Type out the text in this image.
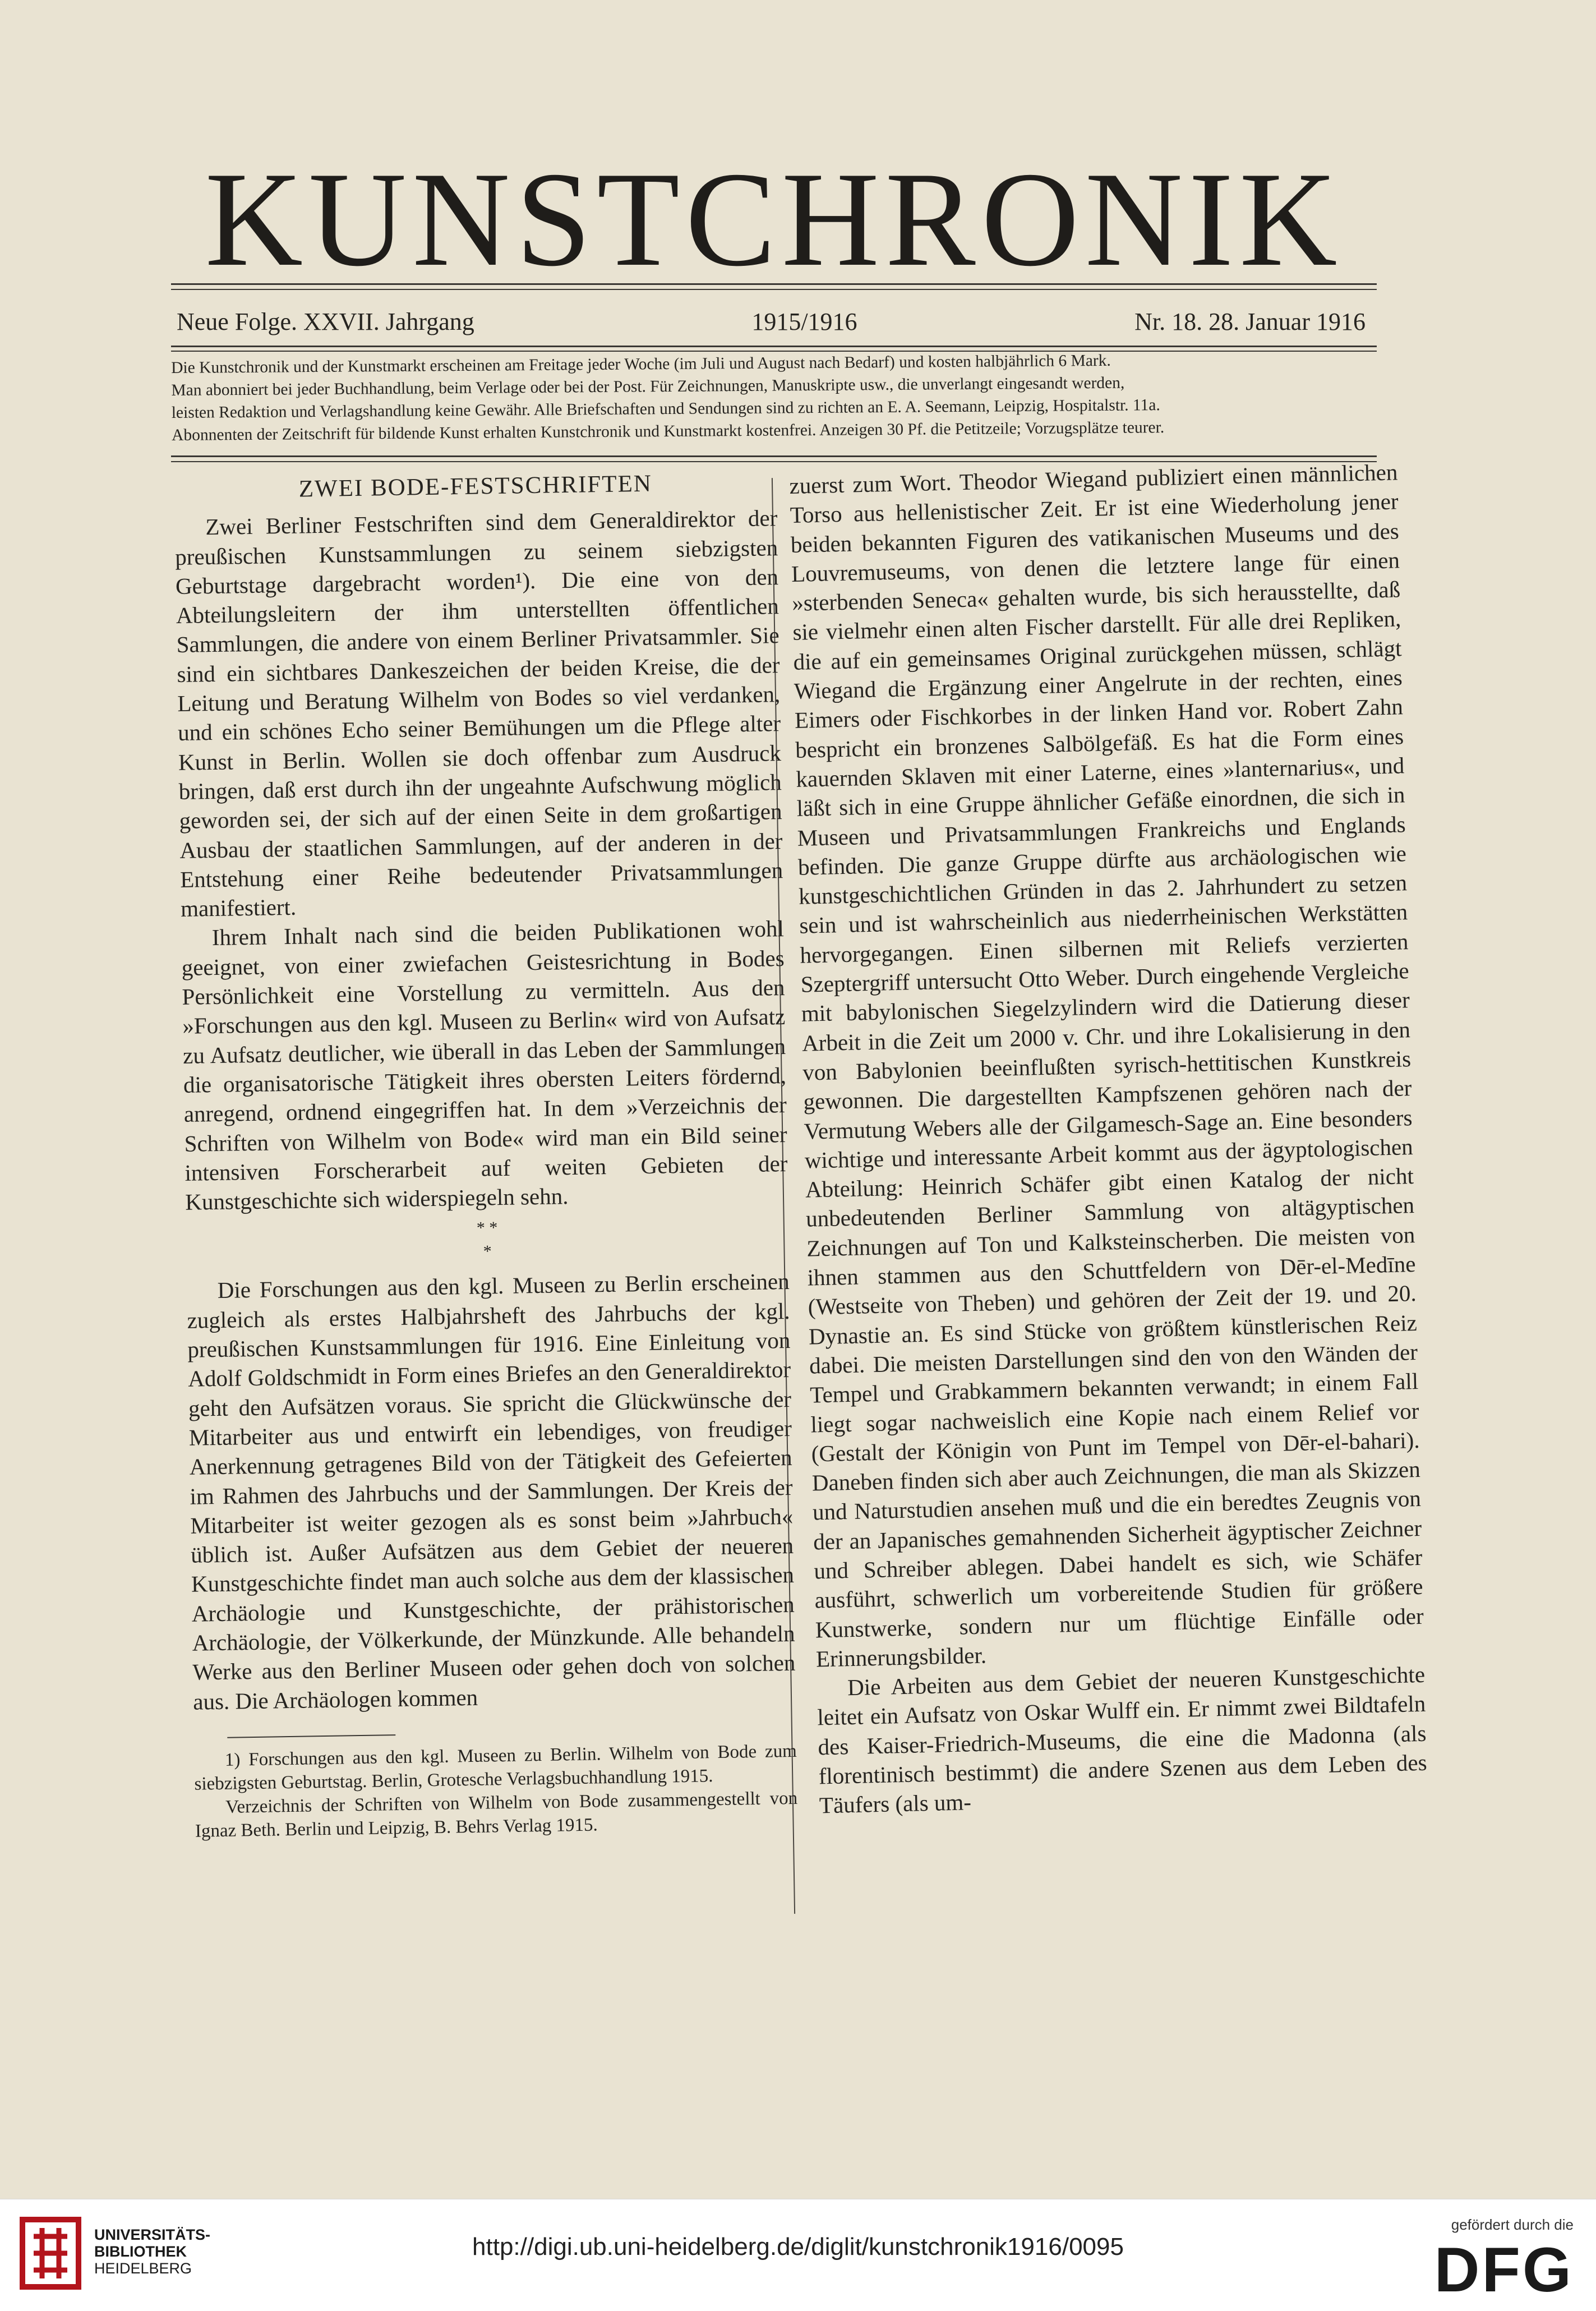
KUNSTCHRONIK
Neue Folge. XXVII. Jahrgang	1915/1916	Nr. 18. 28. Januar 1916

Die Kunstchronik und der Kunstmarkt erscheinen am Freitage jeder Woche (im Juli und August nach Bedarf) und kosten halbjährlich 6 Mark.

Man abonniert bei jeder Buchhandlung, beim Verlage oder bei der Post. Für Zeichnungen, Manuskripte usw., die unverlangt eingesandt werden,

leisten Redaktion und Verlagshandlung keine Gewähr. Alle Briefschaften und Sendungen sind zu richten an E. A. Seemann, Leipzig, Hospitalstr. 11a.

Abonnenten der Zeitschrift für bildende Kunst erhalten Kunstchronik und Kunstmarkt kostenfrei. Anzeigen 30 Pf. die Petitzeile; Vorzugsplätze teurer.

ZWEI BODE-FESTSCHRIFTEN

Zwei Berliner Festschriften sind dem Generaldirektor der preußischen Kunstsammlungen zu seinem siebzigsten Geburtstage dargebracht worden¹). Die eine von den Abteilungsleitern der ihm unterstellten öffentlichen Sammlungen, die andere von einem Berliner Privatsammler. Sie sind ein sichtbares Dankeszeichen der beiden Kreise, die der Leitung und Beratung Wilhelm von Bodes so viel verdanken, und ein schönes Echo seiner Bemühungen um die Pflege alter Kunst in Berlin. Wollen sie doch offenbar zum Ausdruck bringen, daß erst durch ihn der ungeahnte Aufschwung möglich geworden sei, der sich auf der einen Seite in dem großartigen Ausbau der staatlichen Sammlungen, auf der anderen in der Entstehung einer Reihe bedeutender Privatsammlungen manifestiert.

Ihrem Inhalt nach sind die beiden Publikationen wohl geeignet, von einer zwiefachen Geistesrichtung in Bodes Persönlichkeit eine Vorstellung zu vermitteln. Aus den »Forschungen aus den kgl. Museen zu Berlin« wird von Aufsatz zu Aufsatz deutlicher, wie überall in das Leben der Sammlungen die organisatorische Tätigkeit ihres obersten Leiters fördernd, anregend, ordnend eingegriffen hat. In dem »Verzeichnis der Schriften von Wilhelm von Bode« wird man ein Bild seiner intensiven Forscherarbeit auf weiten Gebieten der Kunstgeschichte sich widerspiegeln sehn.

* *
*

Die Forschungen aus den kgl. Museen zu Berlin erscheinen zugleich als erstes Halbjahrsheft des Jahrbuchs der kgl. preußischen Kunstsammlungen für 1916. Eine Einleitung von Adolf Goldschmidt in Form eines Briefes an den Generaldirektor geht den Aufsätzen voraus. Sie spricht die Glückwünsche der Mitarbeiter aus und entwirft ein lebendiges, von freudiger Anerkennung getragenes Bild von der Tätigkeit des Gefeierten im Rahmen des Jahrbuchs und der Sammlungen. Der Kreis der Mitarbeiter ist weiter gezogen als es sonst beim »Jahrbuch« üblich ist. Außer Aufsätzen aus dem Gebiet der neueren Kunstgeschichte findet man auch solche aus dem der klassischen Archäologie und Kunstgeschichte, der prähistorischen Archäologie, der Völkerkunde, der Münzkunde. Alle behandeln Werke aus den Berliner Museen oder gehen doch von solchen aus. Die Archäologen kommen

1) Forschungen aus den kgl. Museen zu Berlin. Wilhelm von Bode zum siebzigsten Geburtstag. Berlin, Grotesche Verlagsbuchhandlung 1915.

Verzeichnis der Schriften von Wilhelm von Bode zusammengestellt von Ignaz Beth. Berlin und Leipzig, B. Behrs Verlag 1915.

zuerst zum Wort. Theodor Wiegand publiziert einen männlichen Torso aus hellenistischer Zeit. Er ist eine Wiederholung jener beiden bekannten Figuren des vatikanischen Museums und des Louvremuseums, von denen die letztere lange für einen »sterbenden Seneca« gehalten wurde, bis sich herausstellte, daß sie vielmehr einen alten Fischer darstellt. Für alle drei Repliken, die auf ein gemeinsames Original zurückgehen müssen, schlägt Wiegand die Ergänzung einer Angelrute in der rechten, eines Eimers oder Fischkorbes in der linken Hand vor. Robert Zahn bespricht ein bronzenes Salbölgefäß. Es hat die Form eines kauernden Sklaven mit einer Laterne, eines »lanternarius«, und läßt sich in eine Gruppe ähnlicher Gefäße einordnen, die sich in Museen und Privatsammlungen Frankreichs und Englands befinden. Die ganze Gruppe dürfte aus archäologischen wie kunstgeschichtlichen Gründen in das 2. Jahrhundert zu setzen sein und ist wahrscheinlich aus niederrheinischen Werkstätten hervorgegangen. Einen silbernen mit Reliefs verzierten Szeptergriff untersucht Otto Weber. Durch eingehende Vergleiche mit babylonischen Siegelzylindern wird die Datierung dieser Arbeit in die Zeit um 2000 v. Chr. und ihre Lokalisierung in den von Babylonien beeinflußten syrisch-hettitischen Kunstkreis gewonnen. Die dargestellten Kampfszenen gehören nach der Vermutung Webers alle der Gilgamesch-Sage an. Eine besonders wichtige und interessante Arbeit kommt aus der ägyptologischen Abteilung: Heinrich Schäfer gibt einen Katalog der nicht unbedeutenden Berliner Sammlung von altägyptischen Zeichnungen auf Ton und Kalksteinscherben. Die meisten von ihnen stammen aus den Schuttfeldern von Dēr-el-Medīne (Westseite von Theben) und gehören der Zeit der 19. und 20. Dynastie an. Es sind Stücke von größtem künstlerischen Reiz dabei. Die meisten Darstellungen sind den von den Wänden der Tempel und Grabkammern bekannten verwandt; in einem Fall liegt sogar nachweislich eine Kopie nach einem Relief vor (Gestalt der Königin von Punt im Tempel von Dēr-el-bahari). Daneben finden sich aber auch Zeichnungen, die man als Skizzen und Naturstudien ansehen muß und die ein beredtes Zeugnis von der an Japanisches gemahnenden Sicherheit ägyptischer Zeichner und Schreiber ablegen. Dabei handelt es sich, wie Schäfer ausführt, schwerlich um vorbereitende Studien für größere Kunstwerke, sondern nur um flüchtige Einfälle oder Erinnerungsbilder.

Die Arbeiten aus dem Gebiet der neueren Kunstgeschichte leitet ein Aufsatz von Oskar Wulff ein. Er nimmt zwei Bildtafeln des Kaiser-Friedrich-Museums, die eine die Madonna (als florentinisch bestimmt) die andere Szenen aus dem Leben des Täufers (als um-

UNIVERSITÄTS-
BIBLIOTHEK
HEIDELBERG
http://digi.ub.uni-heidelberg.de/diglit/kunstchronik1916/0095
gefördert durch die
DFG
